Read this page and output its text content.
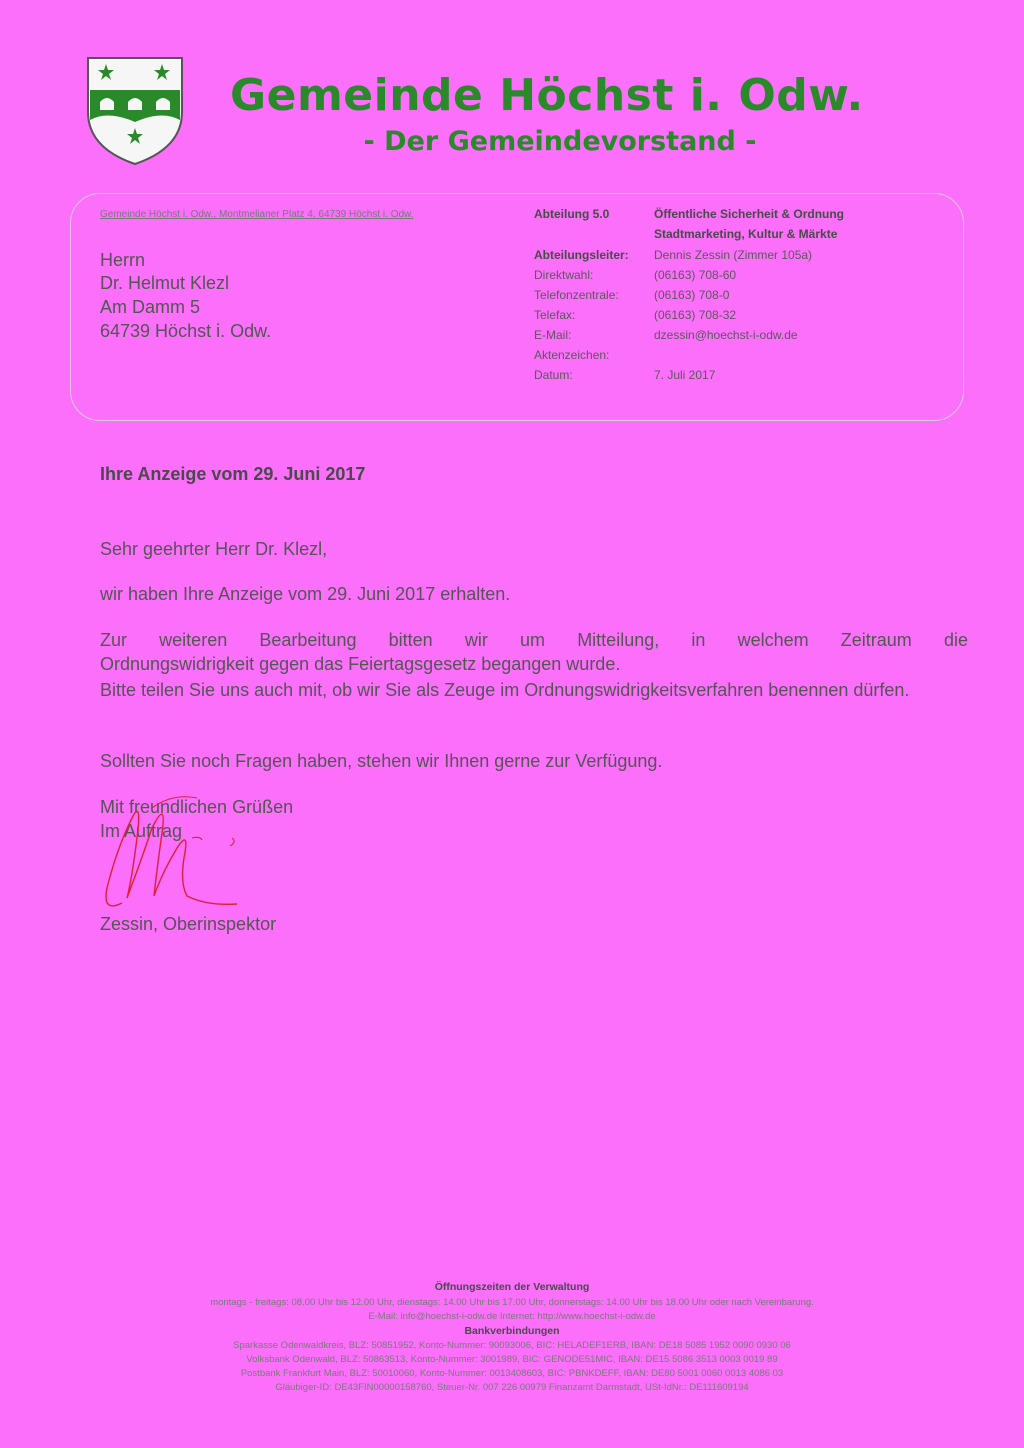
Gemeinde Höchst i. Odw.
- Der Gemeindevorstand -
Gemeinde Höchst i. Odw., Montmelianer Platz 4, 64739 Höchst i. Odw.
Herrn
Dr. Helmut Klezl
Am Damm 5
64739 Höchst i. Odw.
Abteilung 5.0	Öffentliche Sicherheit & Ordnung
Stadtmarketing, Kultur & Märkte
Abteilungsleiter: Dennis Zessin (Zimmer 105a)
Direktwahl:	(06163) 708-60
Telefonzentrale:	(06163) 708-0
Telefax:	(06163) 708-32
E-Mail:	dzessin@hoechst-i-odw.de
Aktenzeichen:
Datum:	7. Juli 2017
Ihre Anzeige vom 29. Juni 2017
Sehr geehrter Herr Dr. Klezl,
wir haben Ihre Anzeige vom 29. Juni 2017 erhalten.
Zur weiteren Bearbeitung bitten wir um Mitteilung, in welchem Zeitraum die
Ordnungswidrigkeit gegen das Feiertagsgesetz begangen wurde.
Bitte teilen Sie uns auch mit, ob wir Sie als Zeuge im Ordnungswidrigkeitsverfahren benennen dürfen.
Sollten Sie noch Fragen haben, stehen wir Ihnen gerne zur Verfügung.
Mit freundlichen Grüßen
Im Auftrag
Zessin, Oberinspektor
Öffnungszeiten der Verwaltung
montags - freitags: 08.00 Uhr bis 12.00 Uhr, dienstags: 14.00 Uhr bis 17.00 Uhr, donnerstags: 14.00 Uhr bis 18.00 Uhr oder nach Vereinbarung.
E-Mail: info@hoechst-i-odw.de Internet: http://www.hoechst-i-odw.de
Bankverbindungen
Sparkasse Odenwaldkreis, BLZ: 50851952, Konto-Nummer: 90093006, BIC: HELADEF1ERB, IBAN: DE18 5085 1952 0090 0930 06
Volksbank Odenwald, BLZ: 50863513, Konto-Nummer: 3001989, BIC: GENODE51MIC, IBAN: DE15 5086 3513 0003 0019 89
Postbank Frankfurt Main, BLZ: 50010060, Konto-Nummer: 0013408603, BIC: PBNKDEFF, IBAN: DE80 5001 0060 0013 4086 03
Gläubiger-ID: DE43FIN00000158760, Steuer-Nr. 007 226 00979 Finanzamt Darmstadt, USt-IdNr.: DE111609194
